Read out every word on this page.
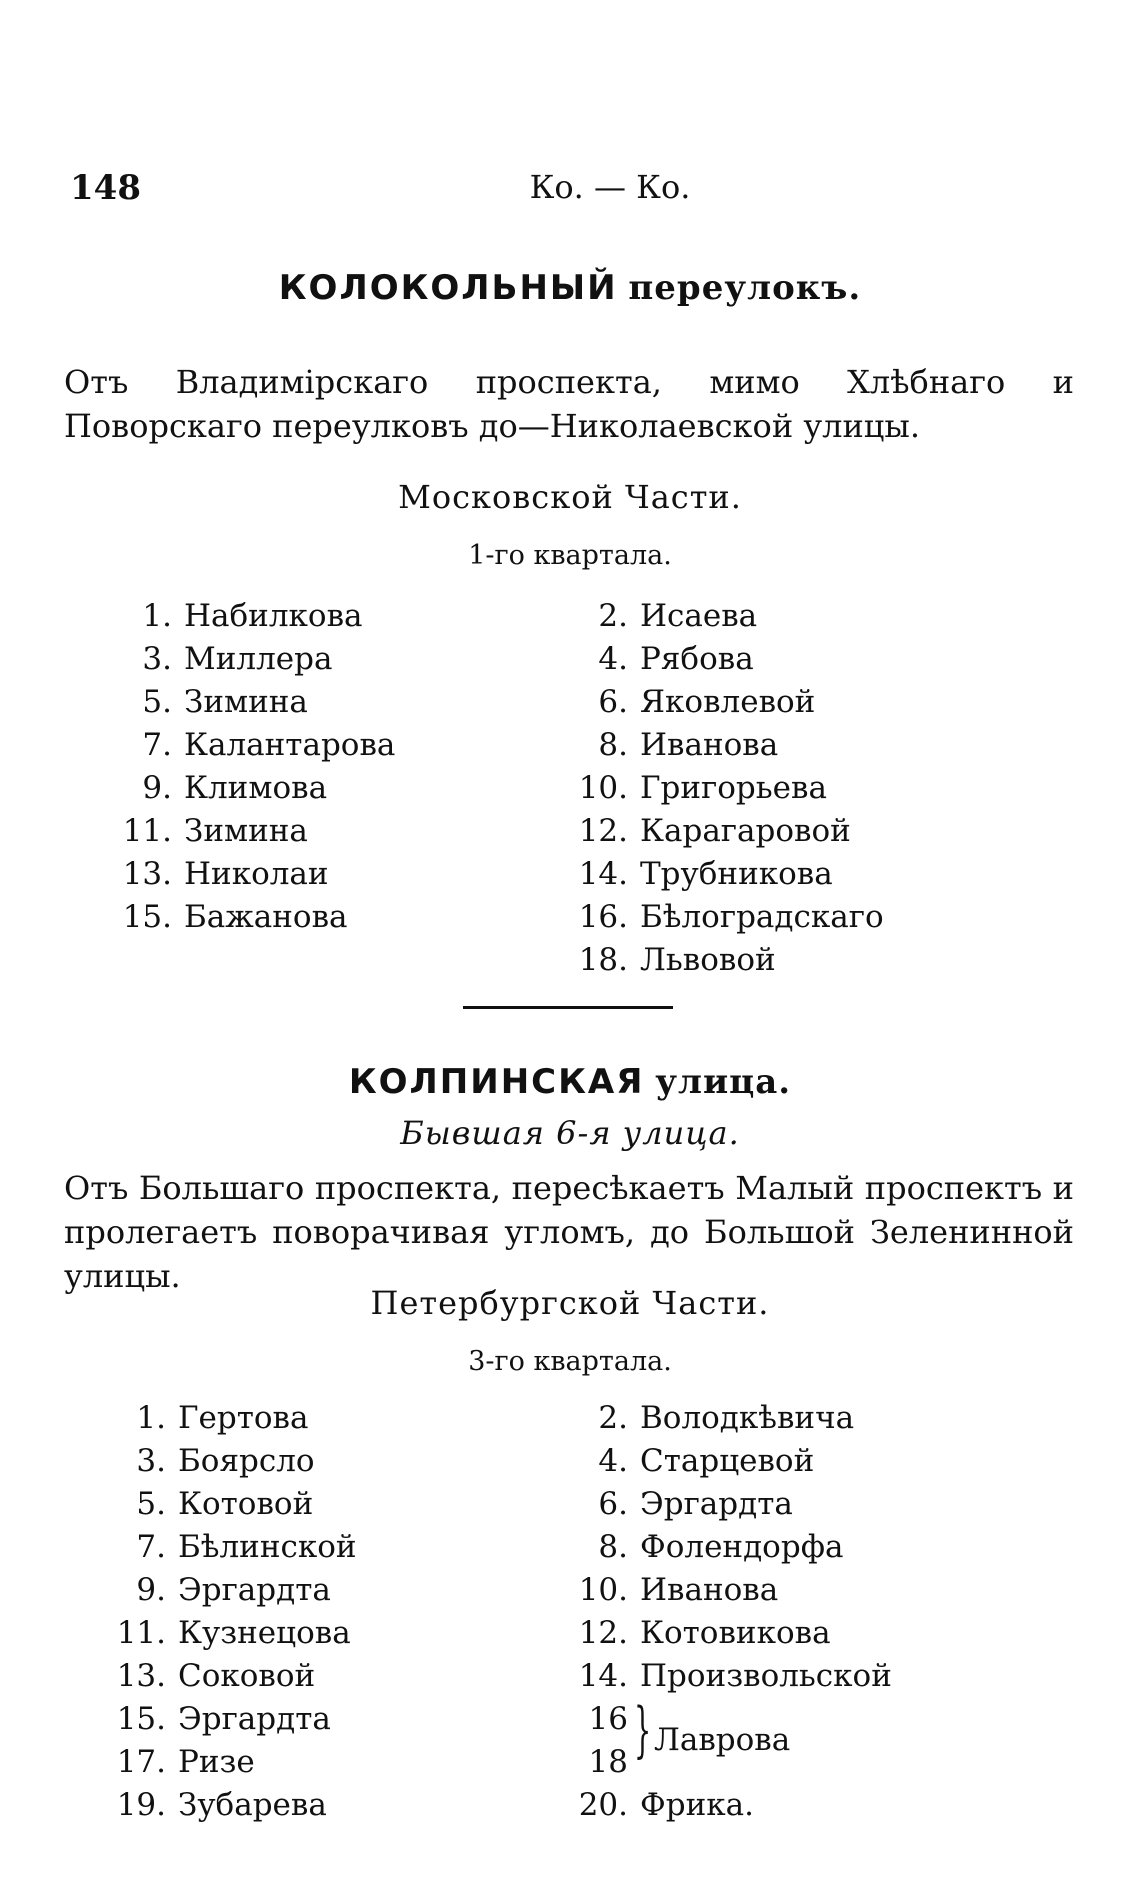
148	Ко. — Ко.
КОЛОКОЛЬНЫЙ переулокъ.
Отъ Владимірскаго проспекта, мимо Хлѣбнаго и Поворскаго переулковъ до—Николаевской улицы.
Московской Части.
1-го квартала.
1. Набилкова
3. Миллера
5. Зимина
7. Калантарова
9. Климова
11. Зимина
13. Николаи
15. Бажанова
2. Исаева
4. Рябова
6. Яковлевой
8. Иванова
10. Григорьева
12. Карагаровой
14. Трубникова
16. Бѣлоградскаго
18. Львовой
КОЛПИНСКАЯ улица.
Бывшая 6-я улица.
Отъ Большаго проспекта, пересѣкаетъ Малый проспектъ и пролегаетъ поворачивая угломъ, до Большой Зеленинной улицы.
Петербургской Части.
3-го квартала.
1. Гертова
3. Боярсло
5. Котовой
7. Бѣлинской
9. Эргардта
11. Кузнецова
13. Соковой
15. Эргардта
17. Ризе
19. Зубарева
2. Володкѣвича
4. Старцевой
6. Эргардта
8. Фолендорфа
10. Иванова
12. Котовикова
14. Произвольской
16
18 } Лаврова
20. Фрика.
